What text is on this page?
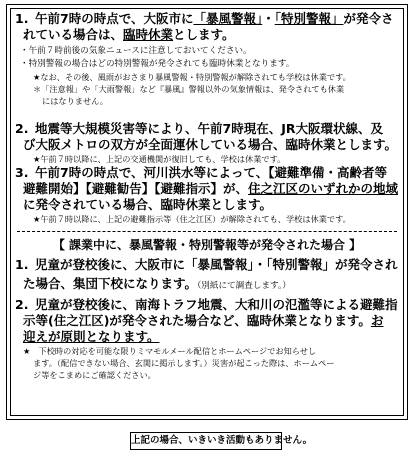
1. 午前7時の時点で、大阪市に「暴風警報」・「特別警報」が発令さ
れている場合は、臨時休業とします。
・午前７時前後の気象ニュースに注意しておいてください。
・特別警報の場合はどの特別警報が発令されても臨時休業となります。
★なお、その後、風雨がおさまり暴風警報・特別警報が解除されても学校は休業です。
＊「注意報」や「大雨警報」など『暴風』警報以外の気象情報は、発令されても休業
にはなりません。
2. 地震等大規模災害等により、午前7時現在、JR大阪環状線、及
び大阪メトロの双方が全面運休している場合、臨時休業とします。
★午前７時以降に、上記の交通機関が復旧しても、学校は休業です。
3. 午前7時の時点で、河川洪水等によって、【避難準備・高齢者等
避難開始】【避難勧告】【避難指示】が、住之江区のいずれかの地域
に発令されている場合、臨時休業とします。
★午前７時以降に、上記の避難指示等（住之江区）が解除されても、学校は休業です。
【 課業中に、暴風警報・特別警報等が発令された場合 】
1. 児童が登校後に、大阪市に「暴風警報」・「特別警報」が発令され
た場合、集団下校になります。（別紙にて調査します。）
2. 児童が登校後に、南海トラフ地震、大和川の氾濫等による避難指
示等(住之江区)が発令された場合など、臨時休業となります。お
迎えが原則となります。
★　下校時の対応を可能な限りミマモルメール配信とホームページでお知らせし
ます。（配信できない場合、玄関に掲示します。）災害が起こった際は、ホームペー
ジ等をこまめにご確認ください。
上記の場合、いきいき活動もありません。
